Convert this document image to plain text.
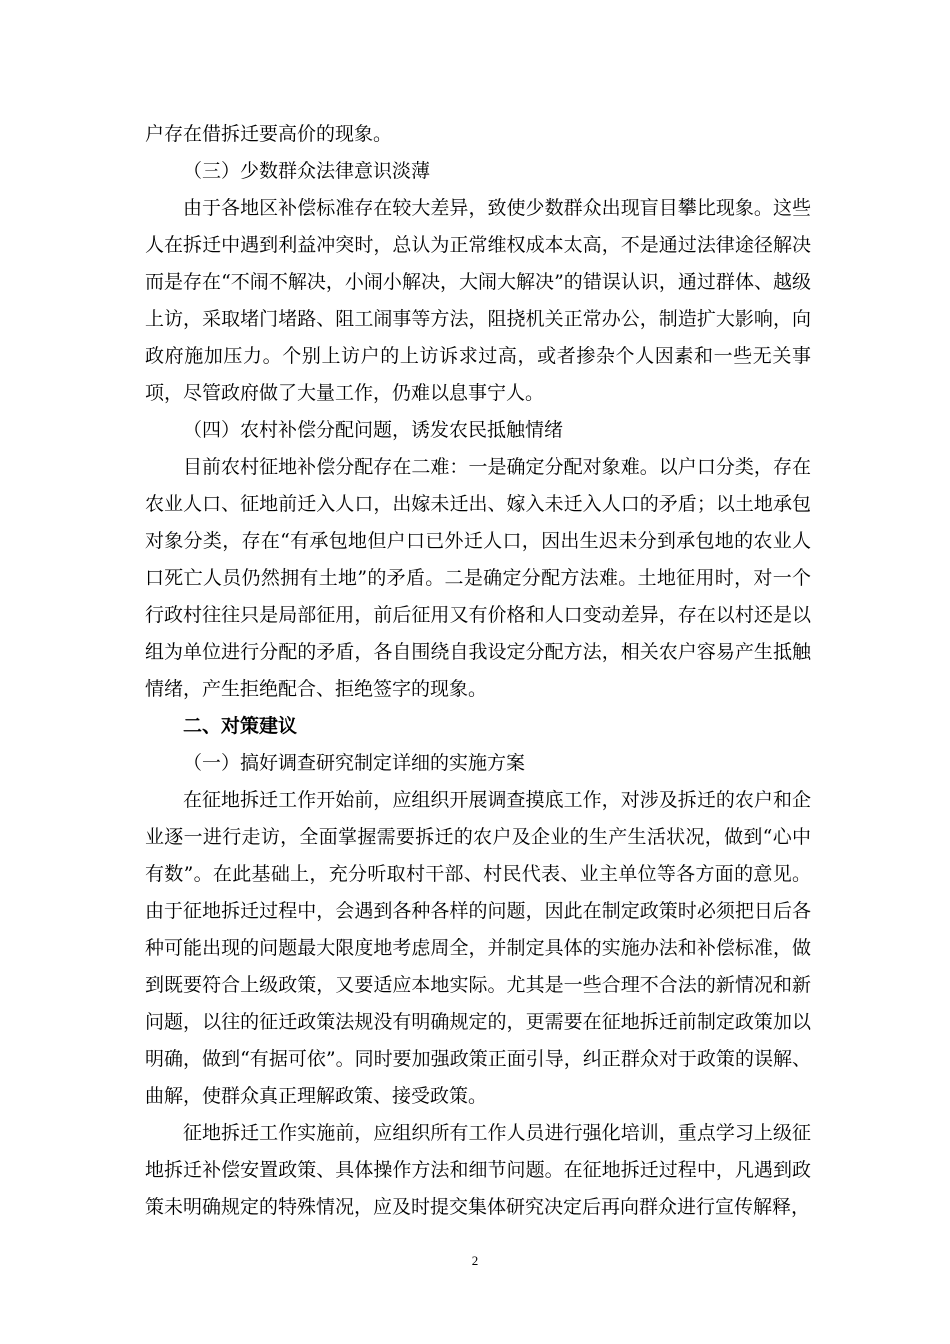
户存在借拆迁要高价的现象。

（三）少数群众法律意识淡薄

由于各地区补偿标准存在较大差异，致使少数群众出现盲目攀比现象。这些人在拆迁中遇到利益冲突时，总认为正常维权成本太高，不是通过法律途径解决而是存在“不闹不解决，小闹小解决，大闹大解决”的错误认识，通过群体、越级上访，采取堵门堵路、阻工闹事等方法，阻挠机关正常办公，制造扩大影响，向政府施加压力。个别上访户的上访诉求过高，或者掺杂个人因素和一些无关事项，尽管政府做了大量工作，仍难以息事宁人。

（四）农村补偿分配问题，诱发农民抵触情绪

目前农村征地补偿分配存在二难：一是确定分配对象难。以户口分类，存在农业人口、征地前迁入人口，出嫁未迁出、嫁入未迁入人口的矛盾；以土地承包对象分类，存在“有承包地但户口已外迁人口，因出生迟未分到承包地的农业人口死亡人员仍然拥有土地”的矛盾。二是确定分配方法难。土地征用时，对一个行政村往往只是局部征用，前后征用又有价格和人口变动差异，存在以村还是以组为单位进行分配的矛盾，各自围绕自我设定分配方法，相关农户容易产生抵触情绪，产生拒绝配合、拒绝签字的现象。

二、对策建议

（一）搞好调查研究制定详细的实施方案

在征地拆迁工作开始前，应组织开展调查摸底工作，对涉及拆迁的农户和企业逐一进行走访，全面掌握需要拆迁的农户及企业的生产生活状况，做到“心中有数”。在此基础上，充分听取村干部、村民代表、业主单位等各方面的意见。由于征地拆迁过程中，会遇到各种各样的问题，因此在制定政策时必须把日后各种可能出现的问题最大限度地考虑周全，并制定具体的实施办法和补偿标准，做到既要符合上级政策，又要适应本地实际。尤其是一些合理不合法的新情况和新问题，以往的征迁政策法规没有明确规定的，更需要在征地拆迁前制定政策加以明确，做到“有据可依”。同时要加强政策正面引导，纠正群众对于政策的误解、曲解，使群众真正理解政策、接受政策。

征地拆迁工作实施前，应组织所有工作人员进行强化培训，重点学习上级征地拆迁补偿安置政策、具体操作方法和细节问题。在征地拆迁过程中，凡遇到政策未明确规定的特殊情况，应及时提交集体研究决定后再向群众进行宣传解释，

2
